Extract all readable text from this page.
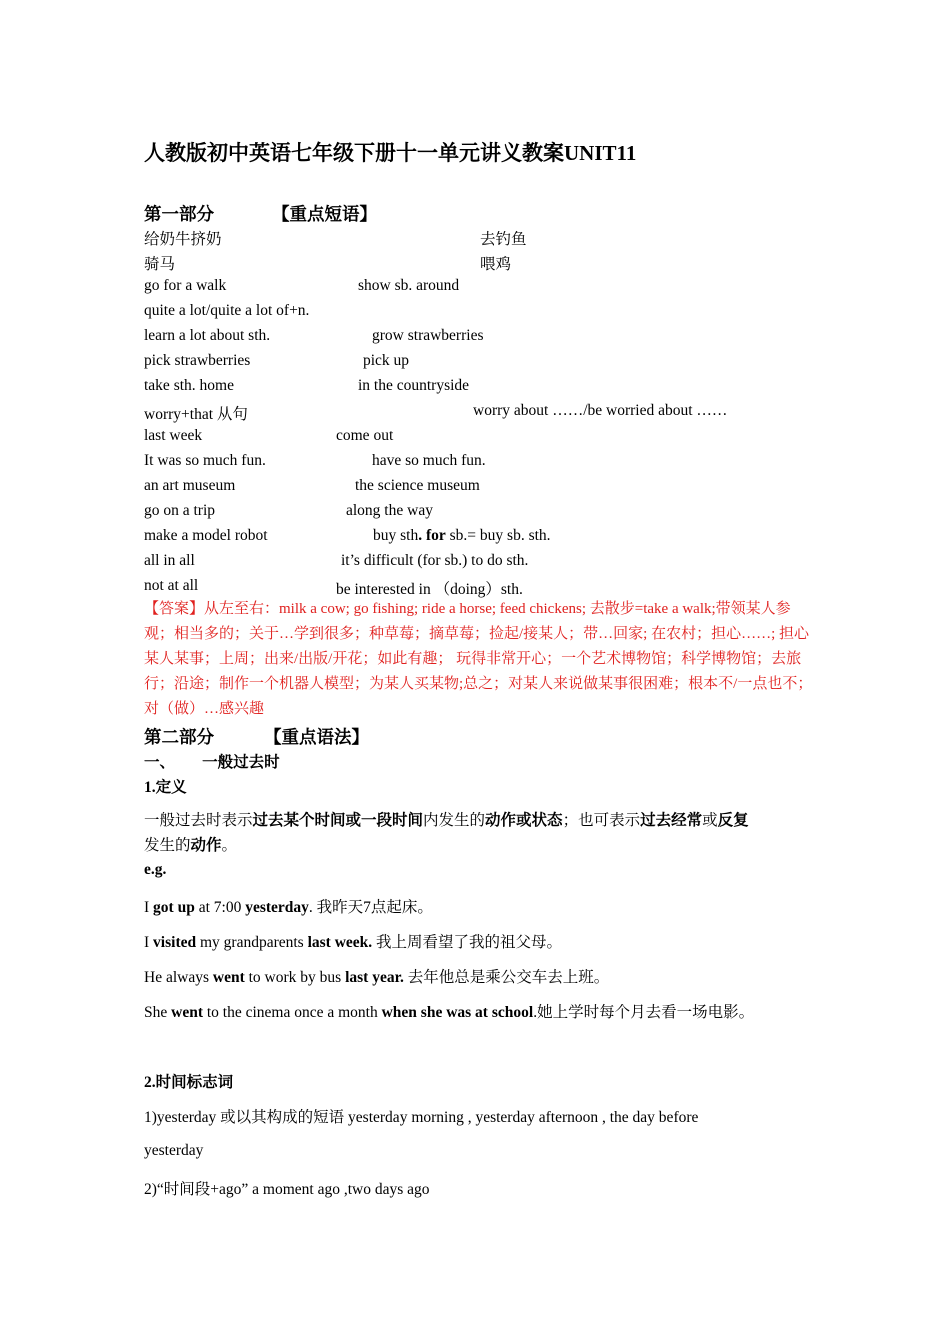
人教版初中英语七年级下册十一单元讲义教案UNIT11
第一部分	【重点短语】
给奶牛挤奶	去钓鱼
骑马	喂鸡
go for a walk	show sb. around
quite a lot/quite a lot of+n.
learn a lot about sth.	grow strawberries
pick strawberries	pick up
take sth. home	in the countryside
worry+that 从句	worry about ……/be worried about ……
last week	come out
It was so much fun.	have so much fun.
an art museum	the science museum
go on a trip	along the way
make a model robot	buy sth. for sb.= buy sb. sth.
all in all	it’s difficult (for sb.) to do sth.
not at all	be interested in （doing）sth.
【答案】从左至右：milk a cow; go fishing; ride a horse; feed chickens; 去散步=take a walk;带领某人参观；相当多的；关于…学到很多；种草莓；摘草莓；捡起/接某人；带…回家; 在农村；担心……; 担心某人某事；上周；出来/出版/开花；如此有趣； 玩得非常开心；一个艺术博物馆；科学博物馆；去旅行；沿途；制作一个机器人模型；为某人买某物;总之；对某人来说做某事很困难；根本不/一点也不； 对（做）…感兴趣
第二部分	【重点语法】
一、       一般过去时
1.定义
一般过去时表示过去某个时间或一段时间内发生的动作或状态；也可表示过去经常或反复
发生的动作。
e.g.
I got up at 7:00 yesterday. 我昨天7点起床。
I visited my grandparents last week. 我上周看望了我的祖父母。
He always went to work by bus last year. 去年他总是乘公交车去上班。
She went to the cinema once a month when she was at school.她上学时每个月去看一场电影。
2.时间标志词
1)yesterday 或以其构成的短语 yesterday morning , yesterday afternoon , the day before
yesterday
2)“时间段+ago” a moment ago ,two days ago
